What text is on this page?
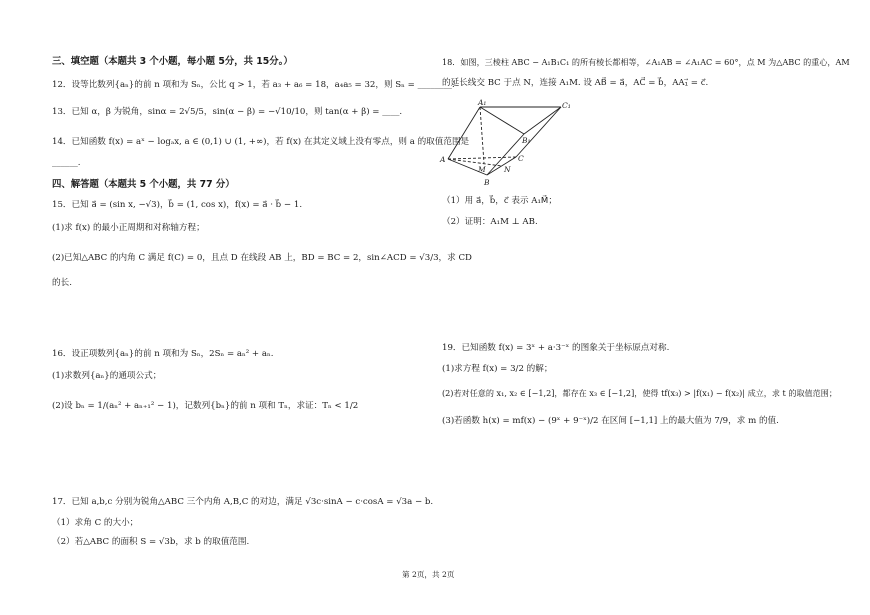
三、填空题（本题共 3 个小题，每小题 5分，共 15分。）
12．设等比数列{aₙ}的前 n 项和为 Sₙ，公比 q > 1，若 a₃ + a₆ = 18，a₄a₅ = 32，则 Sₙ = ________.
13．已知 α，β 为锐角，sinα = 2√5/5，sin(α − β) = −√10/10，则 tan(α + β) = ____.
14．已知函数 f(x) = aˣ − logₐx, a ∈ (0,1) ∪ (1, +∞)，若 f(x) 在其定义域上没有零点，则 a 的取值范围是
______.
四、解答题（本题共 5 个小题，共 77 分）
15．已知 a⃗ = (sin x, −√3)，b⃗ = (1, cos x)，f(x) = a⃗ · b⃗ − 1.
(1)求 f(x) 的最小正周期和对称轴方程；
(2)已知△ABC 的内角 C 满足 f(C) = 0，且点 D 在线段 AB 上，BD = BC = 2，sin∠ACD = √3/3，求 CD
的长.
16．设正项数列{aₙ}的前 n 项和为 Sₙ，2Sₙ = aₙ² + aₙ.
(1)求数列{aₙ}的通项公式；
(2)设 bₙ = 1/(aₙ² + aₙ₊₁² − 1)，记数列{bₙ}的前 n 项和 Tₙ，求证：Tₙ < 1/2
17．已知 a,b,c 分别为锐角△ABC 三个内角 A,B,C 的对边，满足 √3c·sinA − c·cosA = √3a − b.
（1）求角 C 的大小；
（2）若△ABC 的面积 S = √3b，求 b 的取值范围.
18．如图，三棱柱 ABC − A₁B₁C₁ 的所有棱长都相等，∠A₁AB = ∠A₁AC = 60°，点 M 为△ABC 的重心，AM
的延长线交 BC 于点 N，连接 A₁M. 设 AB⃗ = a⃗，AC⃗ = b⃗，AA₁⃗ = c⃗.
A₁	C₁
B₁
A	C
M N
B
（1）用 a⃗，b⃗，c⃗ 表示 A₁M⃗；
（2）证明：A₁M ⊥ AB.
19．已知函数 f(x) = 3ˣ + a·3⁻ˣ 的图象关于坐标原点对称.
(1)求方程 f(x) = 3/2 的解；
(2)若对任意的 x₁, x₂ ∈ [−1,2]，都存在 x₃ ∈ [−1,2]，使得 tf(x₃) > |f(x₁) − f(x₂)| 成立，求 t 的取值范围；
(3)若函数 h(x) = mf(x) − (9ˣ + 9⁻ˣ)/2 在区间 [−1,1] 上的最大值为 7/9，求 m 的值.
第 2页，共 2页
